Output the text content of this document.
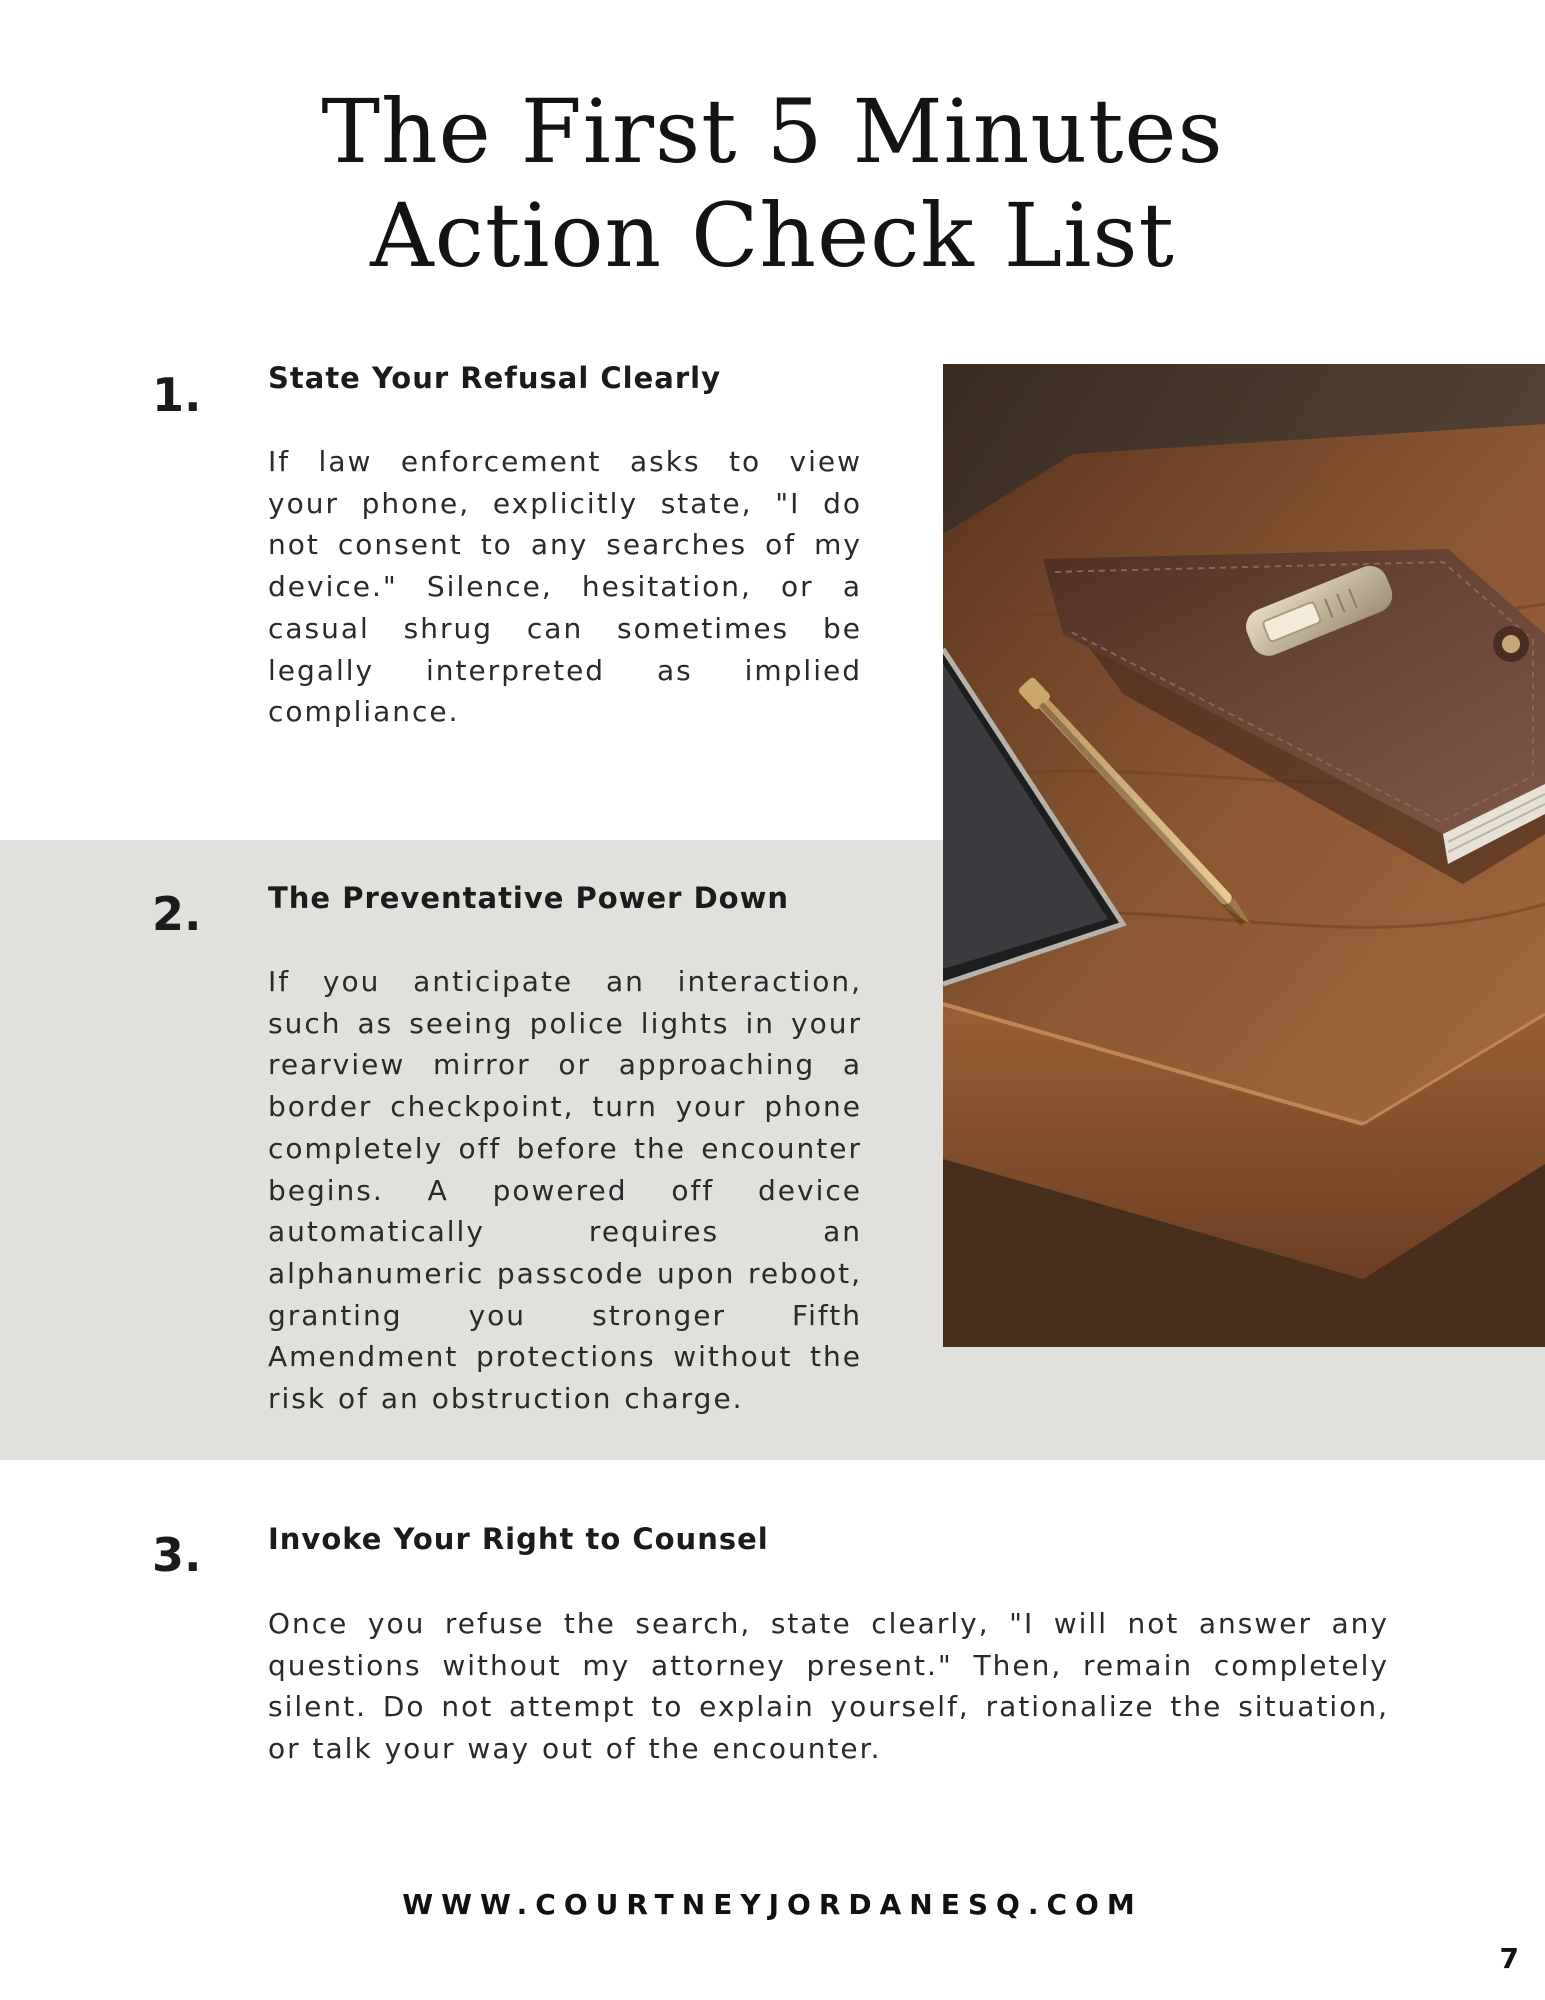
The First 5 Minutes
Action Check List
1. State Your Refusal Clearly

If law enforcement asks to view your phone, explicitly state, "I do not consent to any searches of my device." Silence, hesitation, or a casual shrug can sometimes be legally interpreted as implied compliance.

2. The Preventative Power Down

If you anticipate an interaction, such as seeing police lights in your rearview mirror or approaching a border checkpoint, turn your phone completely off before the encounter begins. A powered off device automatically requires an alphanumeric passcode upon reboot, granting you stronger Fifth Amendment protections without the risk of an obstruction charge.

3. Invoke Your Right to Counsel

Once you refuse the search, state clearly, "I will not answer any questions without my attorney present." Then, remain completely silent. Do not attempt to explain yourself, rationalize the situation, or talk your way out of the encounter.

WWW.COURTNEYJORDANESQ.COM
7
